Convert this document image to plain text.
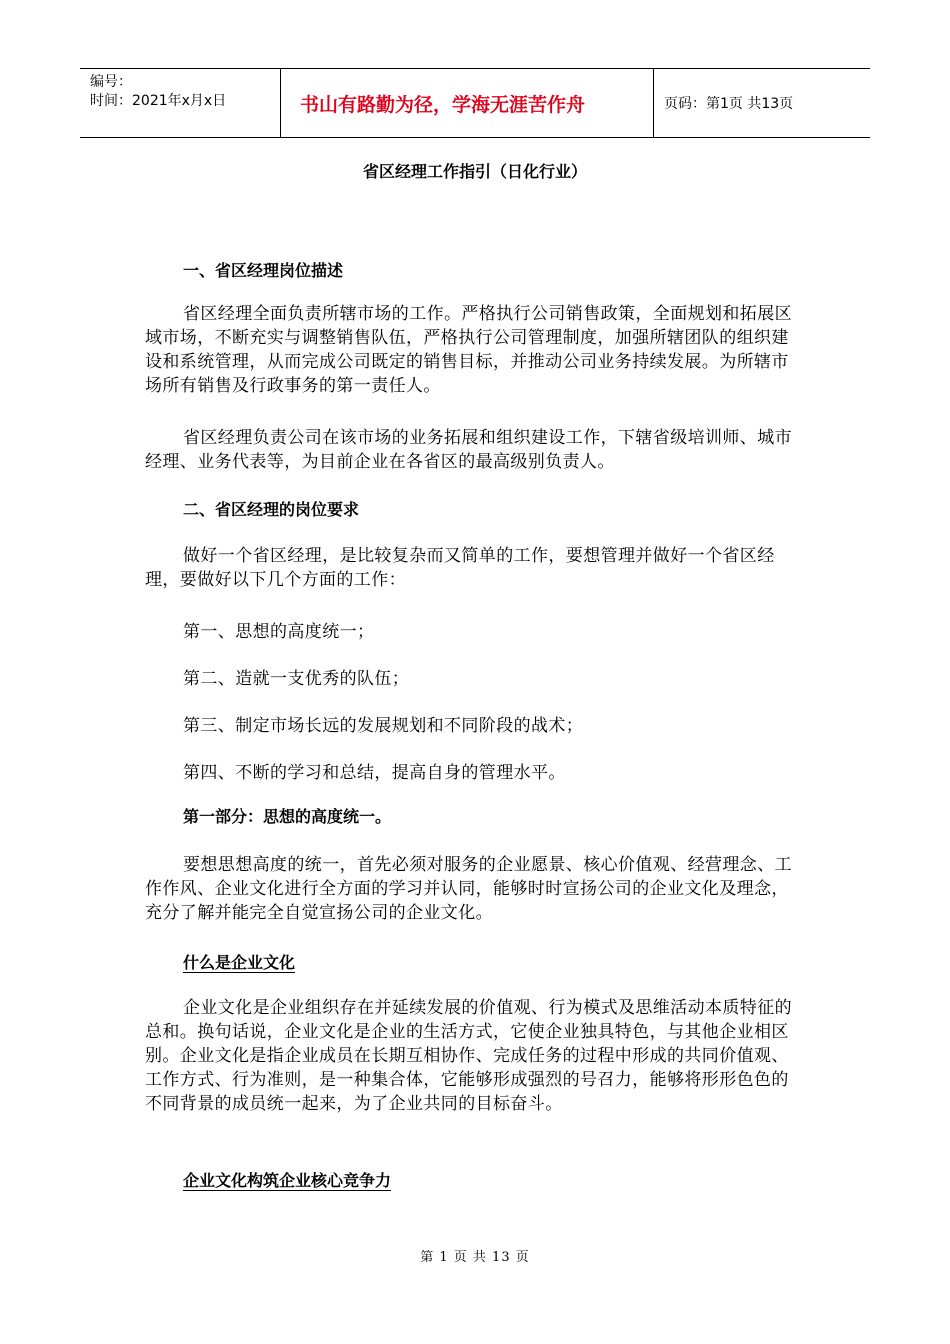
编号：
时间：2021年x月x日	书山有路勤为径，学海无涯苦作舟	页码：第1页 共13页
省区经理工作指引（日化行业）
一、省区经理岗位描述
省区经理全面负责所辖市场的工作。严格执行公司销售政策，全面规划和拓展区域市场，不断充实与调整销售队伍，严格执行公司管理制度，加强所辖团队的组织建设和系统管理，从而完成公司既定的销售目标，并推动公司业务持续发展。为所辖市场所有销售及行政事务的第一责任人。
省区经理负责公司在该市场的业务拓展和组织建设工作，下辖省级培训师、城市经理、业务代表等，为目前企业在各省区的最高级别负责人。
二、省区经理的岗位要求
做好一个省区经理，是比较复杂而又简单的工作，要想管理并做好一个省区经理，要做好以下几个方面的工作：
第一、思想的高度统一；
第二、造就一支优秀的队伍；
第三、制定市场长远的发展规划和不同阶段的战术；
第四、不断的学习和总结，提高自身的管理水平。
第一部分：思想的高度统一。
要想思想高度的统一，首先必须对服务的企业愿景、核心价值观、经营理念、工作作风、企业文化进行全方面的学习并认同，能够时时宣扬公司的企业文化及理念，充分了解并能完全自觉宣扬公司的企业文化。
什么是企业文化
企业文化是企业组织存在并延续发展的价值观、行为模式及思维活动本质特征的总和。换句话说，企业文化是企业的生活方式，它使企业独具特色，与其他企业相区别。企业文化是指企业成员在长期互相协作、完成任务的过程中形成的共同价值观、工作方式、行为准则，是一种集合体，它能够形成强烈的号召力，能够将形形色色的不同背景的成员统一起来，为了企业共同的目标奋斗。
企业文化构筑企业核心竞争力
第 1 页 共 13 页
